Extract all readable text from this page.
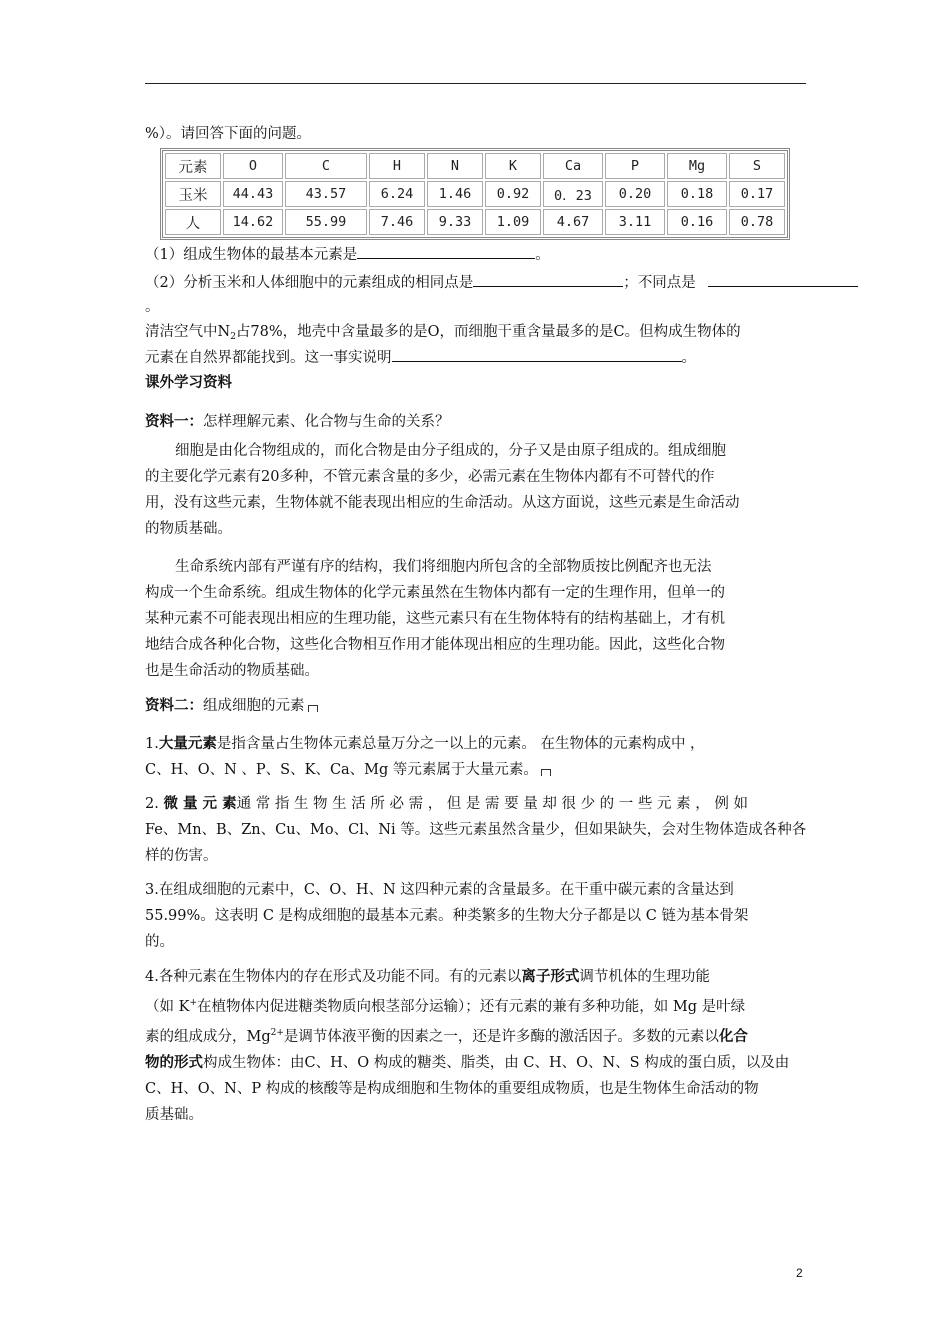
%）。请回答下面的问题。
元素	O	C	H	N	K	Ca	P	Mg	S
玉米	44.43	43.57	6.24	1.46	0.92	0．23	0.20	0.18	0.17
人	14.62	55.99	7.46	9.33	1.09	4.67	3.11	0.16	0.78
（1）组成生物体的最基本元素是	。
（2）分析玉米和人体细胞中的元素组成的相同点是	；不同点是
。
清洁空气中$N_2$占78%，地壳中含量最多的是O，而细胞干重含量最多的是C。但构成生物体的
元素在自然界都能找到。这一事实说明	。
课外学习资料
资料一：怎样理解元素、化合物与生命的关系？
细胞是由化合物组成的，而化合物是由分子组成的，分子又是由原子组成的。组成细胞
的主要化学元素有20多种，不管元素含量的多少，必需元素在生物体内都有不可替代的作
用，没有这些元素，生物体就不能表现出相应的生命活动。从这方面说，这些元素是生命活动
的物质基础。
生命系统内部有严谨有序的结构，我们将细胞内所包含的全部物质按比例配齐也无法
构成一个生命系统。组成生物体的化学元素虽然在生物体内都有一定的生理作用，但单一的
某种元素不可能表现出相应的生理功能，这些元素只有在生物体特有的结构基础上，才有机
地结合成各种化合物，这些化合物相互作用才能体现出相应的生理功能。因此，这些化合物
也是生命活动的物质基础。
资料二：组成细胞的元素
1.大量元素是指含量占生物体元素总量万分之一以上的元素。 在生物体的元素构成中 ，
C、H、O、N 、P、S、K、Ca、Mg 等元素属于大量元素。
2. 微 量 元 素通 常 指 生 物 生 活 所 必 需 ， 但 是 需 要 量 却 很 少 的 一 些 元 素 ， 例 如
Fe、Mn、B、Zn、Cu、Mo、Cl、Ni 等。这些元素虽然含量少，但如果缺失，会对生物体造成各种各
样的伤害。
3.在组成细胞的元素中，C、O、H、N 这四种元素的含量最多。在干重中碳元素的含量达到
55.99%。这表明 C 是构成细胞的最基本元素。种类繁多的生物大分子都是以 C 链为基本骨架
的。
4.各种元素在生物体内的存在形式及功能不同。有的元素以离子形式调节机体的生理功能
（如 K+在植物体内促进糖类物质向根茎部分运输）；还有元素的兼有多种功能，如 Mg 是叶绿
素的组成成分，$Mg^{2+}$是调节体液平衡的因素之一，还是许多酶的激活因子。多数的元素以化合
物的形式构成生物体：由C、H、O 构成的糖类、脂类，由 C、H、O、N、S 构成的蛋白质，以及由
C、H、O、N、P 构成的核酸等是构成细胞和生物体的重要组成物质，也是生物体生命活动的物
质基础。
2
